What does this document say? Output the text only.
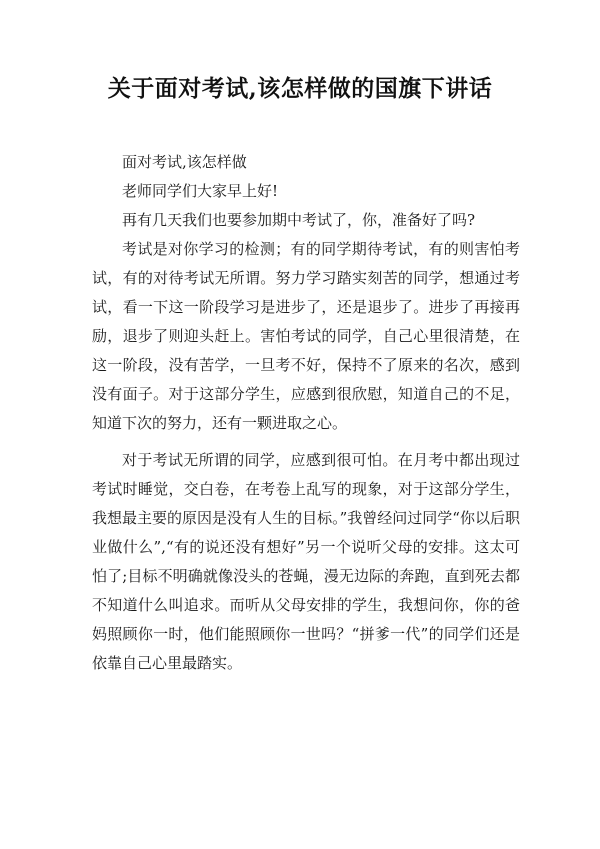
关于面对考试,该怎样做的国旗下讲话

面对考试,该怎样做

老师同学们大家早上好!

再有几天我们也要参加期中考试了，你，准备好了吗?

考试是对你学习的检测；有的同学期待考试，有的则害怕考试，有的对待考试无所谓。努力学习踏实刻苦的同学，想通过考试，看一下这一阶段学习是进步了，还是退步了。进步了再接再励，退步了则迎头赶上。害怕考试的同学，自己心里很清楚，在这一阶段，没有苦学，一旦考不好，保持不了原来的名次，感到没有面子。对于这部分学生，应感到很欣慰，知道自己的不足，知道下次的努力，还有一颗进取之心。

对于考试无所谓的同学，应感到很可怕。在月考中都出现过考试时睡觉，交白卷，在考卷上乱写的现象，对于这部分学生，我想最主要的原因是没有人生的目标。”我曾经问过同学“你以后职业做什么”,“有的说还没有想好”另一个说听父母的安排。这太可怕了;目标不明确就像没头的苍蝇，漫无边际的奔跑，直到死去都不知道什么叫追求。而听从父母安排的学生，我想问你，你的爸妈照顾你一时，他们能照顾你一世吗？“拼爹一代”的同学们还是依靠自己心里最踏实。
